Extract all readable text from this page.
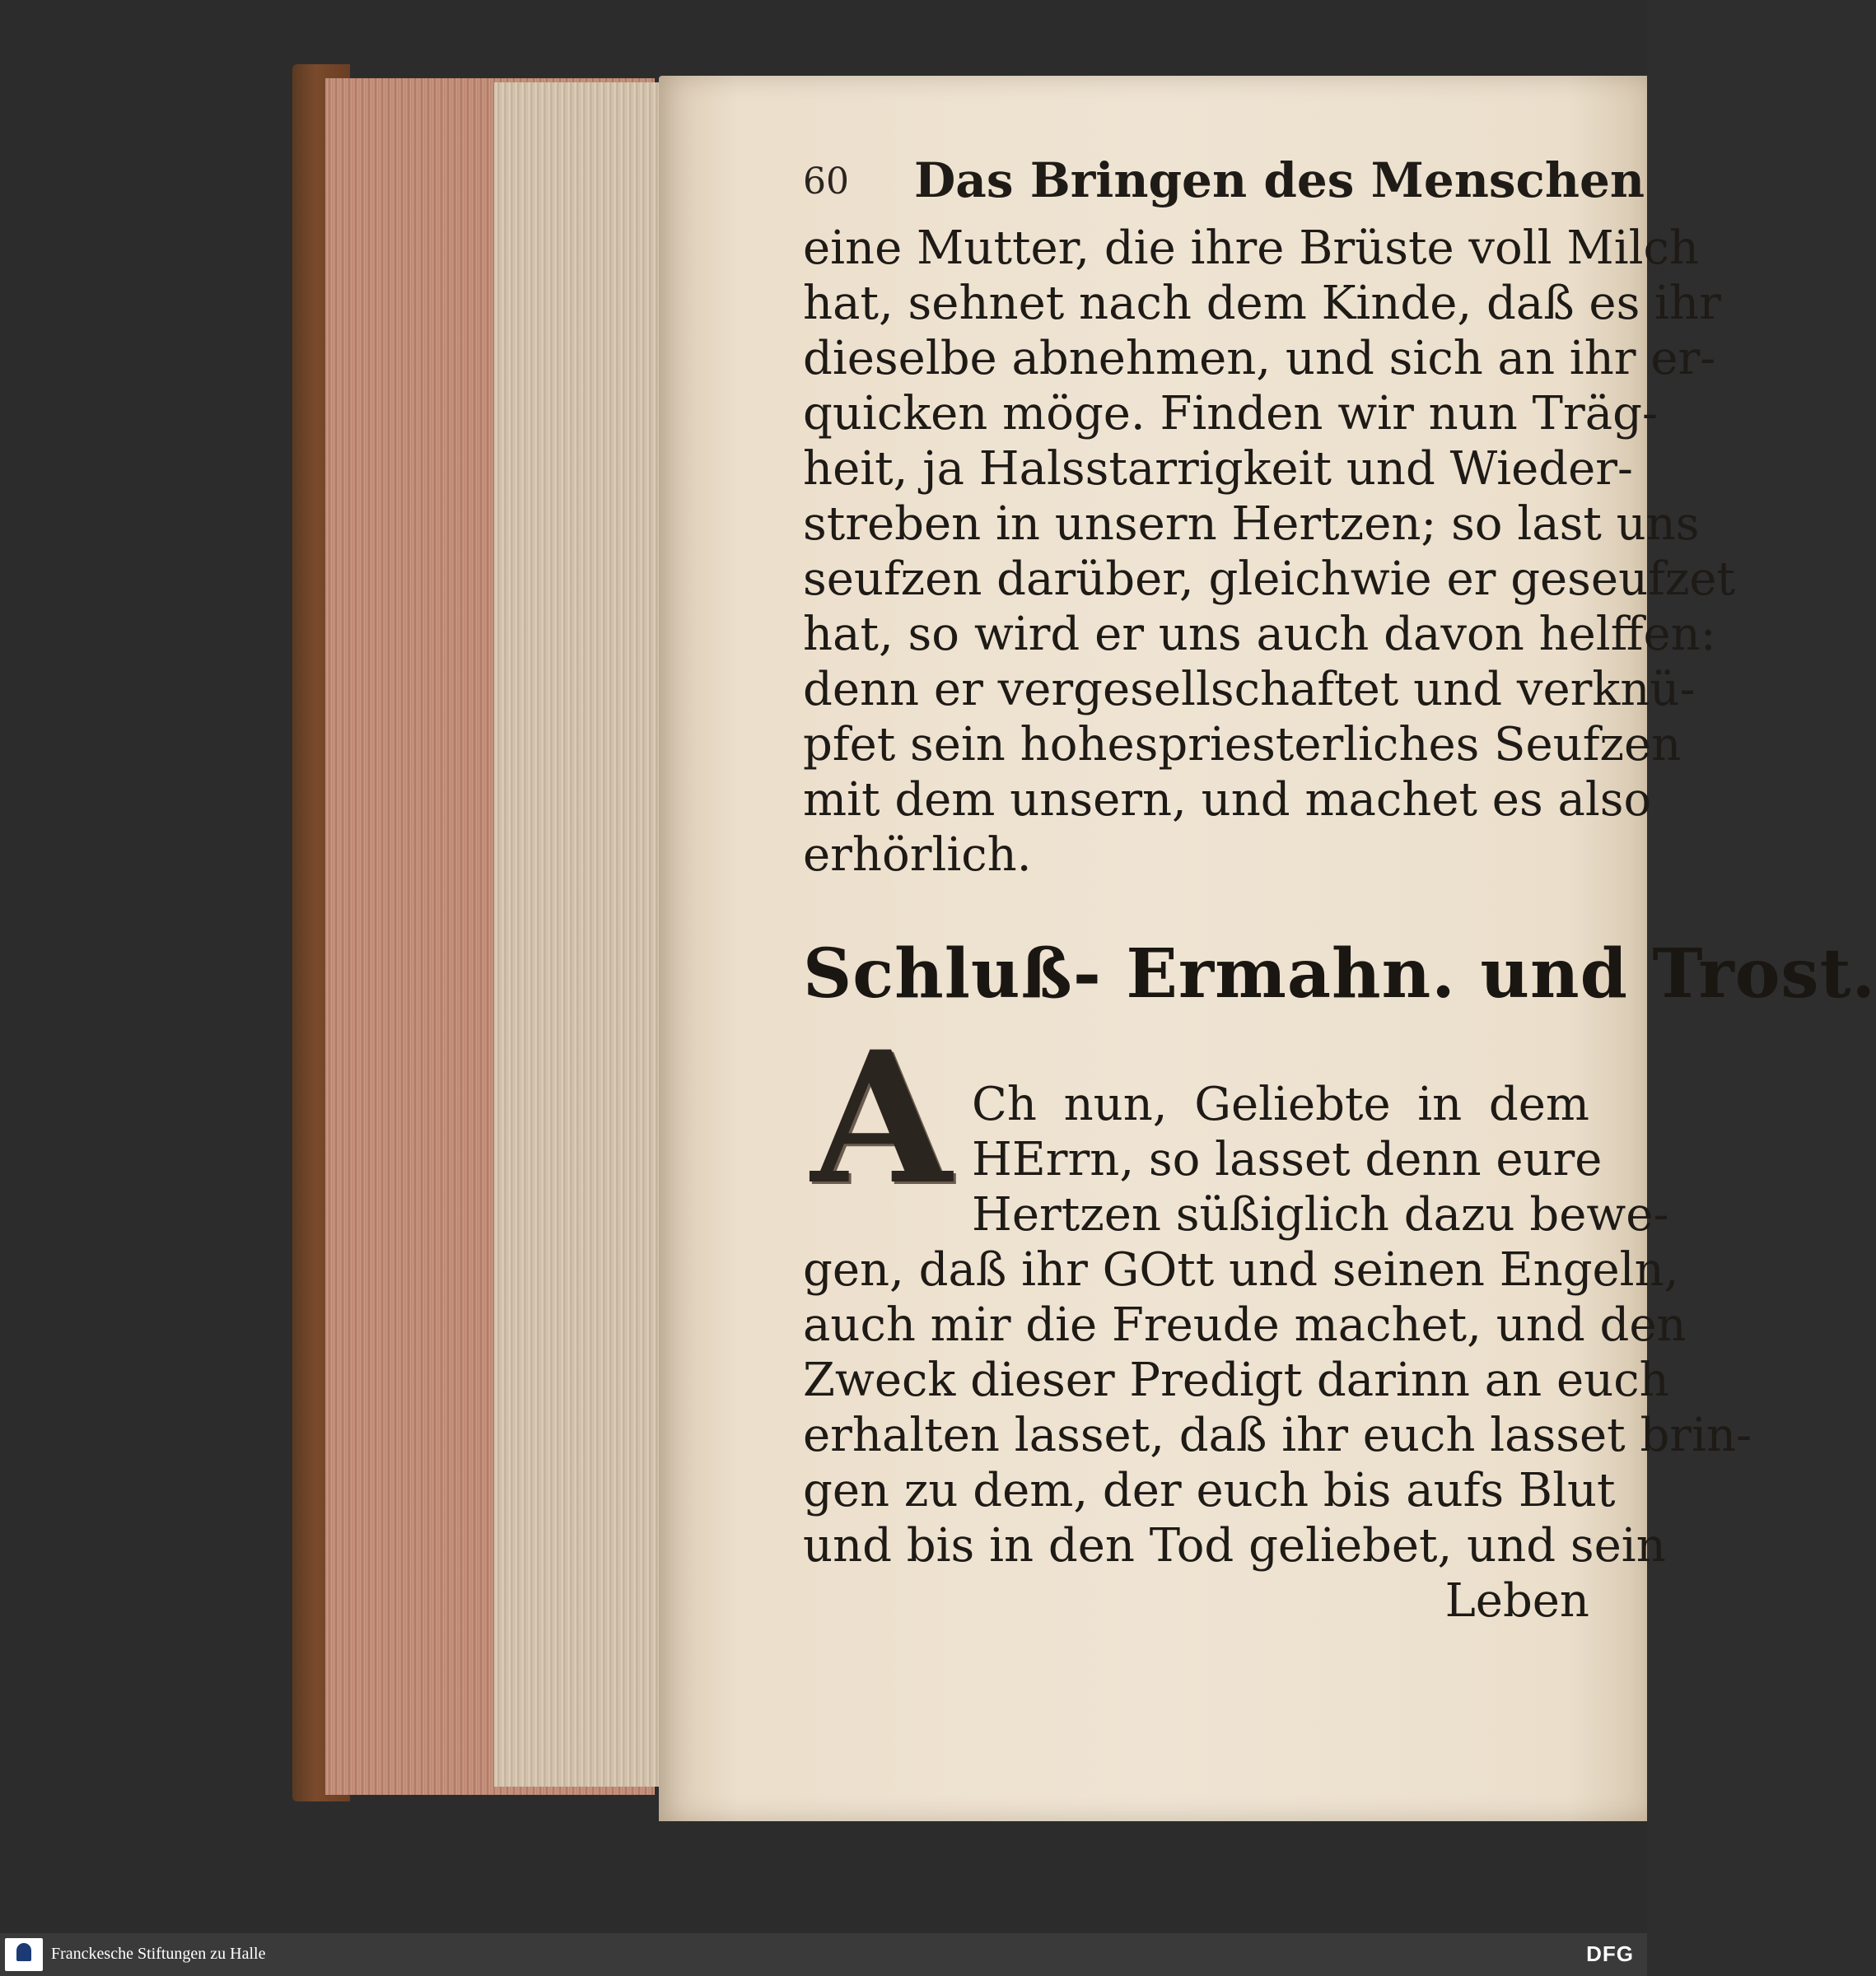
60 Das Bringen des Menschen
eine Mutter, die ihre Brüste voll Milch
hat, sehnet nach dem Kinde, daß es ihr
dieselbe abnehmen, und sich an ihr er-
quicken möge. Finden wir nun Träg-
heit, ja Halsstarrigkeit und Wieder-
streben in unsern Hertzen; so last uns
seufzen darüber, gleichwie er geseufzet
hat, so wird er uns auch davon helffen:
denn er vergesellschaftet und verknü-
pfet sein hohespriesterliches Seufzen
mit dem unsern, und machet es also
erhörlich.
Schluß- Ermahn. und Trost.
A Ch nun, Geliebte in dem
HErrn, so lasset denn eure
Hertzen süßiglich dazu bewe-
gen, daß ihr GOtt und seinen Engeln,
auch mir die Freude machet, und den
Zweck dieser Predigt darinn an euch
erhalten lasset, daß ihr euch lasset brin-
gen zu dem, der euch bis aufs Blut
und bis in den Tod geliebet, und sein
Leben
Franckesche Stiftungen zu Halle	DFG
